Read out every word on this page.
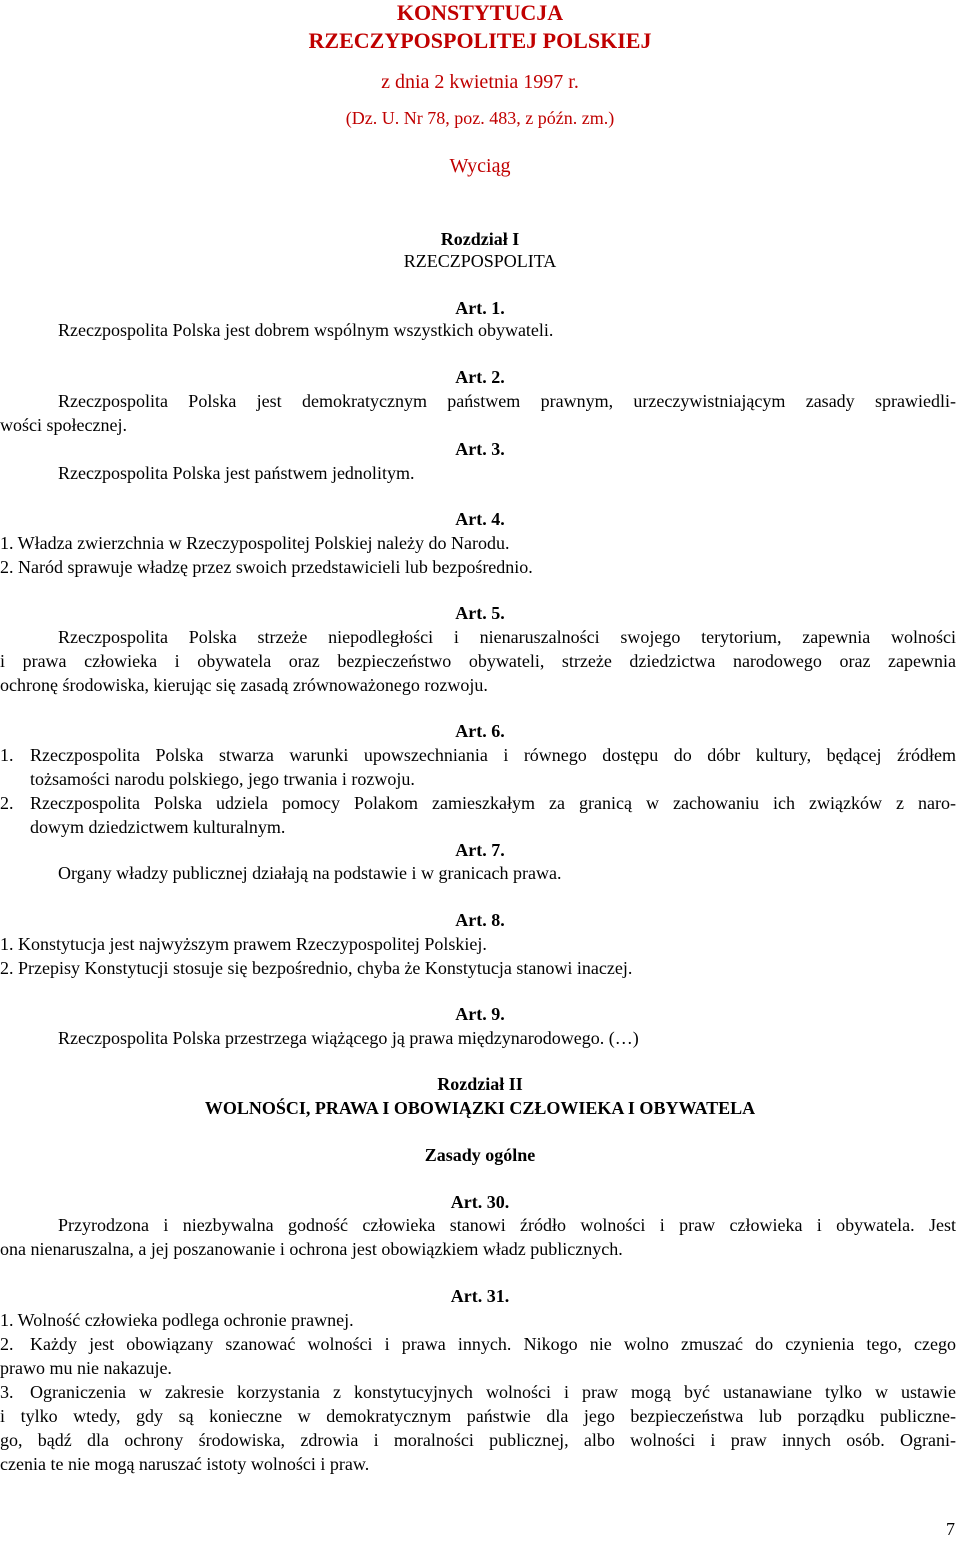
KONSTYTUCJA
RZECZYPOSPOLITEJ POLSKIEJ
z dnia 2 kwietnia 1997 r.
(Dz. U. Nr 78, poz. 483, z późn. zm.)
Wyciąg
Rozdział I
RZECZPOSPOLITA
Art. 1.
Rzeczpospolita Polska jest dobrem wspólnym wszystkich obywateli.
Art. 2.
Rzeczpospolita Polska jest demokratycznym państwem prawnym, urzeczywistniającym zasady sprawiedli-
wości społecznej.
Art. 3.
Rzeczpospolita Polska jest państwem jednolitym.
Art. 4.
1. Władza zwierzchnia w Rzeczypospolitej Polskiej należy do Narodu.
2. Naród sprawuje władzę przez swoich przedstawicieli lub bezpośrednio.
Art. 5.
Rzeczpospolita Polska strzeże niepodległości i nienaruszalności swojego terytorium, zapewnia wolności
i prawa człowieka i obywatela oraz bezpieczeństwo obywateli, strzeże dziedzictwa narodowego oraz zapewnia
ochronę środowiska, kierując się zasadą zrównoważonego rozwoju.
Art. 6.
1. Rzeczpospolita Polska stwarza warunki upowszechniania i równego dostępu do dóbr kultury, będącej źródłem
tożsamości narodu polskiego, jego trwania i rozwoju.
2. Rzeczpospolita Polska udziela pomocy Polakom zamieszkałym za granicą w zachowaniu ich związków z naro-
dowym dziedzictwem kulturalnym.
Art. 7.
Organy władzy publicznej działają na podstawie i w granicach prawa.
Art. 8.
1. Konstytucja jest najwyższym prawem Rzeczypospolitej Polskiej.
2. Przepisy Konstytucji stosuje się bezpośrednio, chyba że Konstytucja stanowi inaczej.
Art. 9.
Rzeczpospolita Polska przestrzega wiążącego ją prawa międzynarodowego. (…)
Rozdział II
WOLNOŚCI, PRAWA I OBOWIĄZKI CZŁOWIEKA I OBYWATELA
Zasady ogólne
Art. 30.
Przyrodzona i niezbywalna godność człowieka stanowi źródło wolności i praw człowieka i obywatela. Jest
ona nienaruszalna, a jej poszanowanie i ochrona jest obowiązkiem władz publicznych.
Art. 31.
1. Wolność człowieka podlega ochronie prawnej.
2. Każdy jest obowiązany szanować wolności i prawa innych. Nikogo nie wolno zmuszać do czynienia tego, czego
prawo mu nie nakazuje.
3. Ograniczenia w zakresie korzystania z konstytucyjnych wolności i praw mogą być ustanawiane tylko w ustawie
i tylko wtedy, gdy są konieczne w demokratycznym państwie dla jego bezpieczeństwa lub porządku publiczne-
go, bądź dla ochrony środowiska, zdrowia i moralności publicznej, albo wolności i praw innych osób. Ograni-
czenia te nie mogą naruszać istoty wolności i praw.
7
